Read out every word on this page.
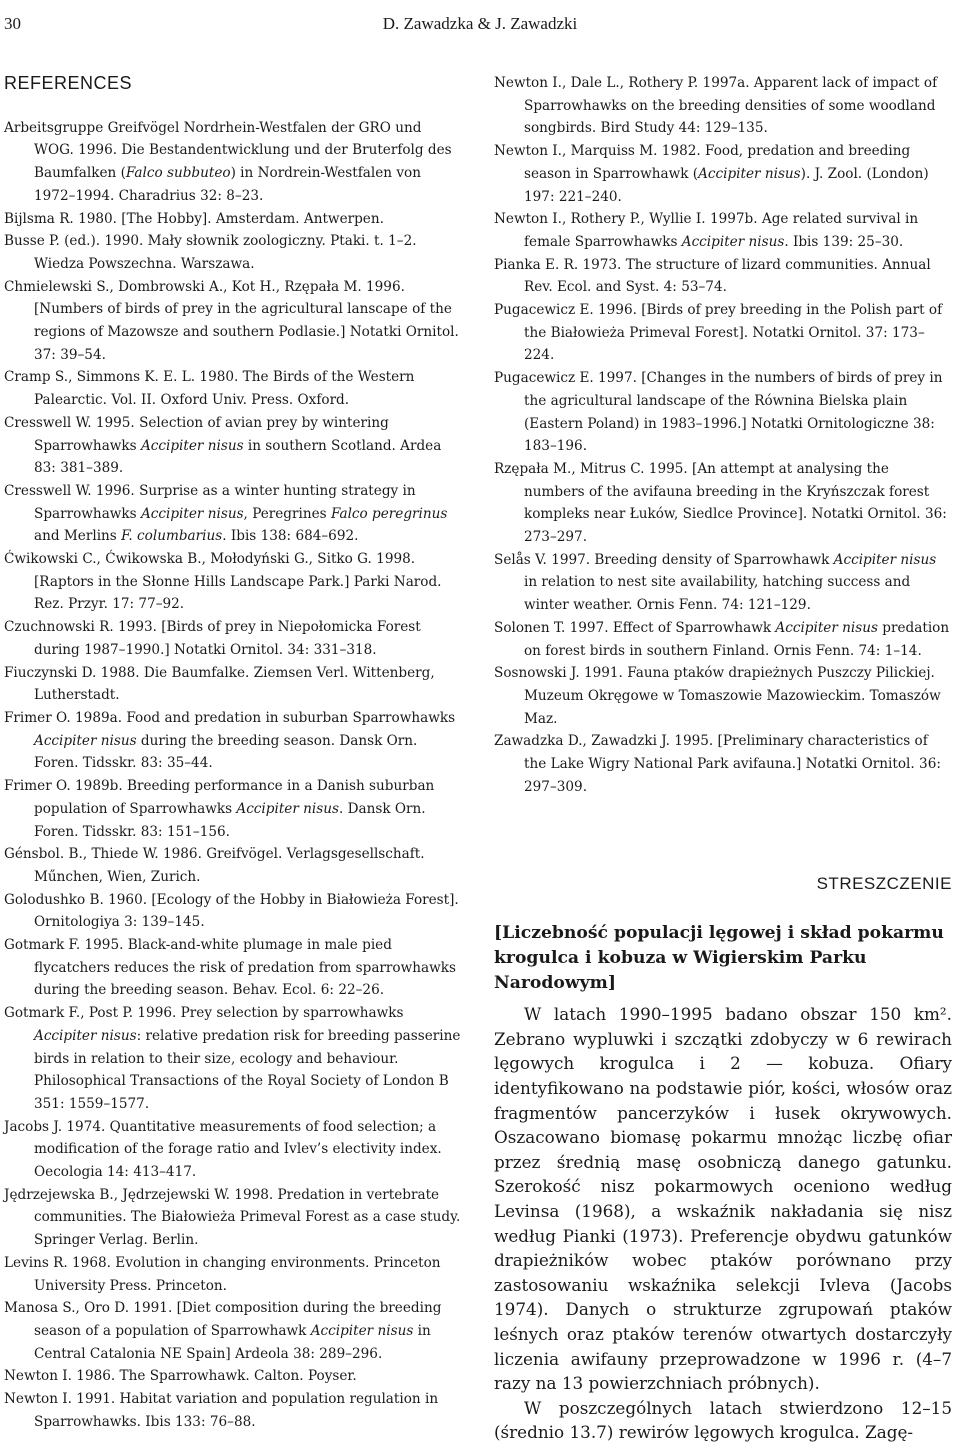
30	D. Zawadzka & J. Zawadzki
REFERENCES

Arbeitsgruppe Greifvögel Nordrhein-Westfalen der GRO und WOG. 1996. Die Bestandentwicklung und der Bruterfolg des Baumfalken (Falco subbuteo) in Nordrein-Westfalen von 1972–1994. Charadrius 32: 8–23.

Bijlsma R. 1980. [The Hobby]. Amsterdam. Antwerpen.

Busse P. (ed.). 1990. Mały słownik zoologiczny. Ptaki. t. 1–2. Wiedza Powszechna. Warszawa.

Chmielewski S., Dombrowski A., Kot H., Rzępała M. 1996. [Numbers of birds of prey in the agricultural lanscape of the regions of Mazowsze and southern Podlasie.] Notatki Ornitol. 37: 39–54.

Cramp S., Simmons K. E. L. 1980. The Birds of the Western Palearctic. Vol. II. Oxford Univ. Press. Oxford.

Cresswell W. 1995. Selection of avian prey by wintering Sparrowhawks Accipiter nisus in southern Scotland. Ardea 83: 381–389.

Cresswell W. 1996. Surprise as a winter hunting strategy in Sparrowhawks Accipiter nisus, Peregrines Falco peregrinus and Merlins F. columbarius. Ibis 138: 684–692.

Ćwikowski C., Ćwikowska B., Mołodyński G., Sitko G. 1998. [Raptors in the Słonne Hills Landscape Park.] Parki Narod. Rez. Przyr. 17: 77–92.

Czuchnowski R. 1993. [Birds of prey in Niepołomicka Forest during 1987–1990.] Notatki Ornitol. 34: 331–318.

Fiuczynski D. 1988. Die Baumfalke. Ziemsen Verl. Wittenberg, Lutherstadt.

Frimer O. 1989a. Food and predation in suburban Sparrowhawks Accipiter nisus during the breeding season. Dansk Orn. Foren. Tidsskr. 83: 35–44.

Frimer O. 1989b. Breeding performance in a Danish suburban population of Sparrowhawks Accipiter nisus. Dansk Orn. Foren. Tidsskr. 83: 151–156.

Génsbol. B., Thiede W. 1986. Greifvögel. Verlagsgesellschaft. Műnchen, Wien, Zurich.

Golodushko B. 1960. [Ecology of the Hobby in Białowieża Forest]. Ornitologiya 3: 139–145.

Gotmark F. 1995. Black-and-white plumage in male pied flycatchers reduces the risk of predation from sparrowhawks during the breeding season. Behav. Ecol. 6: 22–26.

Gotmark F., Post P. 1996. Prey selection by sparrowhawks Accipiter nisus: relative predation risk for breeding passerine birds in relation to their size, ecology and behaviour. Philosophical Transactions of the Royal Society of London B 351: 1559–1577.

Jacobs J. 1974. Quantitative measurements of food selection; a modification of the forage ratio and Ivlev’s electivity index. Oecologia 14: 413–417.

Jędrzejewska B., Jędrzejewski W. 1998. Predation in vertebrate communities. The Białowieża Primeval Forest as a case study. Springer Verlag. Berlin.

Levins R. 1968. Evolution in changing environments. Princeton University Press. Princeton.

Manosa S., Oro D. 1991. [Diet composition during the breeding season of a population of Sparrowhawk Accipiter nisus in Central Catalonia NE Spain] Ardeola 38: 289–296.

Newton I. 1986. The Sparrowhawk. Calton. Poyser.

Newton I. 1991. Habitat variation and population regulation in Sparrowhawks. Ibis 133: 76–88.

Newton I., Dale L., Rothery P. 1997a. Apparent lack of impact of Sparrowhawks on the breeding densities of some woodland songbirds. Bird Study 44: 129–135.

Newton I., Marquiss M. 1982. Food, predation and breeding season in Sparrowhawk (Accipiter nisus). J. Zool. (London) 197: 221–240.

Newton I., Rothery P., Wyllie I. 1997b. Age related survival in female Sparrowhawks Accipiter nisus. Ibis 139: 25–30.

Pianka E. R. 1973. The structure of lizard communities. Annual Rev. Ecol. and Syst. 4: 53–74.

Pugacewicz E. 1996. [Birds of prey breeding in the Polish part of the Białowieża Primeval Forest]. Notatki Ornitol. 37: 173–224.

Pugacewicz E. 1997. [Changes in the numbers of birds of prey in the agricultural landscape of the Równina Bielska plain (Eastern Poland) in 1983–1996.] Notatki Ornitologiczne 38: 183–196.

Rzępała M., Mitrus C. 1995. [An attempt at analysing the numbers of the avifauna breeding in the Kryńszczak forest kompleks near Łuków, Siedlce Province]. Notatki Ornitol. 36: 273–297.

Selås V. 1997. Breeding density of Sparrowhawk Accipiter nisus in relation to nest site availability, hatching success and winter weather. Ornis Fenn. 74: 121–129.

Solonen T. 1997. Effect of Sparrowhawk Accipiter nisus predation on forest birds in southern Finland. Ornis Fenn. 74: 1–14.

Sosnowski J. 1991. Fauna ptaków drapieżnych Puszczy Pilickiej. Muzeum Okręgowe w Tomaszowie Mazowieckim. Tomaszów Maz.

Zawadzka D., Zawadzki J. 1995. [Preliminary characteristics of the Lake Wigry National Park avifauna.] Notatki Ornitol. 36: 297–309.

STRESZCZENIE

[Liczebność populacji lęgowej i skład pokarmu krogulca i kobuza w Wigierskim Parku Narodowym]

W latach 1990–1995 badano obszar 150 km². Zebrano wypluwki i szczątki zdobyczy w 6 rewirach lęgowych krogulca i 2 — kobuza. Ofiary identyfikowano na podstawie piór, kości, włosów oraz fragmentów pancerzyków i łusek okrywowych. Oszacowano biomasę pokarmu mnożąc liczbę ofiar przez średnią masę osobniczą danego gatunku. Szerokość nisz pokarmowych oceniono według Levinsa (1968), a wskaźnik nakładania się nisz według Pianki (1973). Preferencje obydwu gatunków drapieżników wobec ptaków porównano przy zastosowaniu wskaźnika selekcji Ivleva (Jacobs 1974). Danych o strukturze zgrupowań ptaków leśnych oraz ptaków terenów otwartych dostarczyły liczenia awifauny przeprowadzone w 1996 r. (4–7 razy na 13 powierzchniach próbnych).

W poszczególnych latach stwierdzono 12–15 (średnio 13.7) rewirów lęgowych krogulca. Zagę-
